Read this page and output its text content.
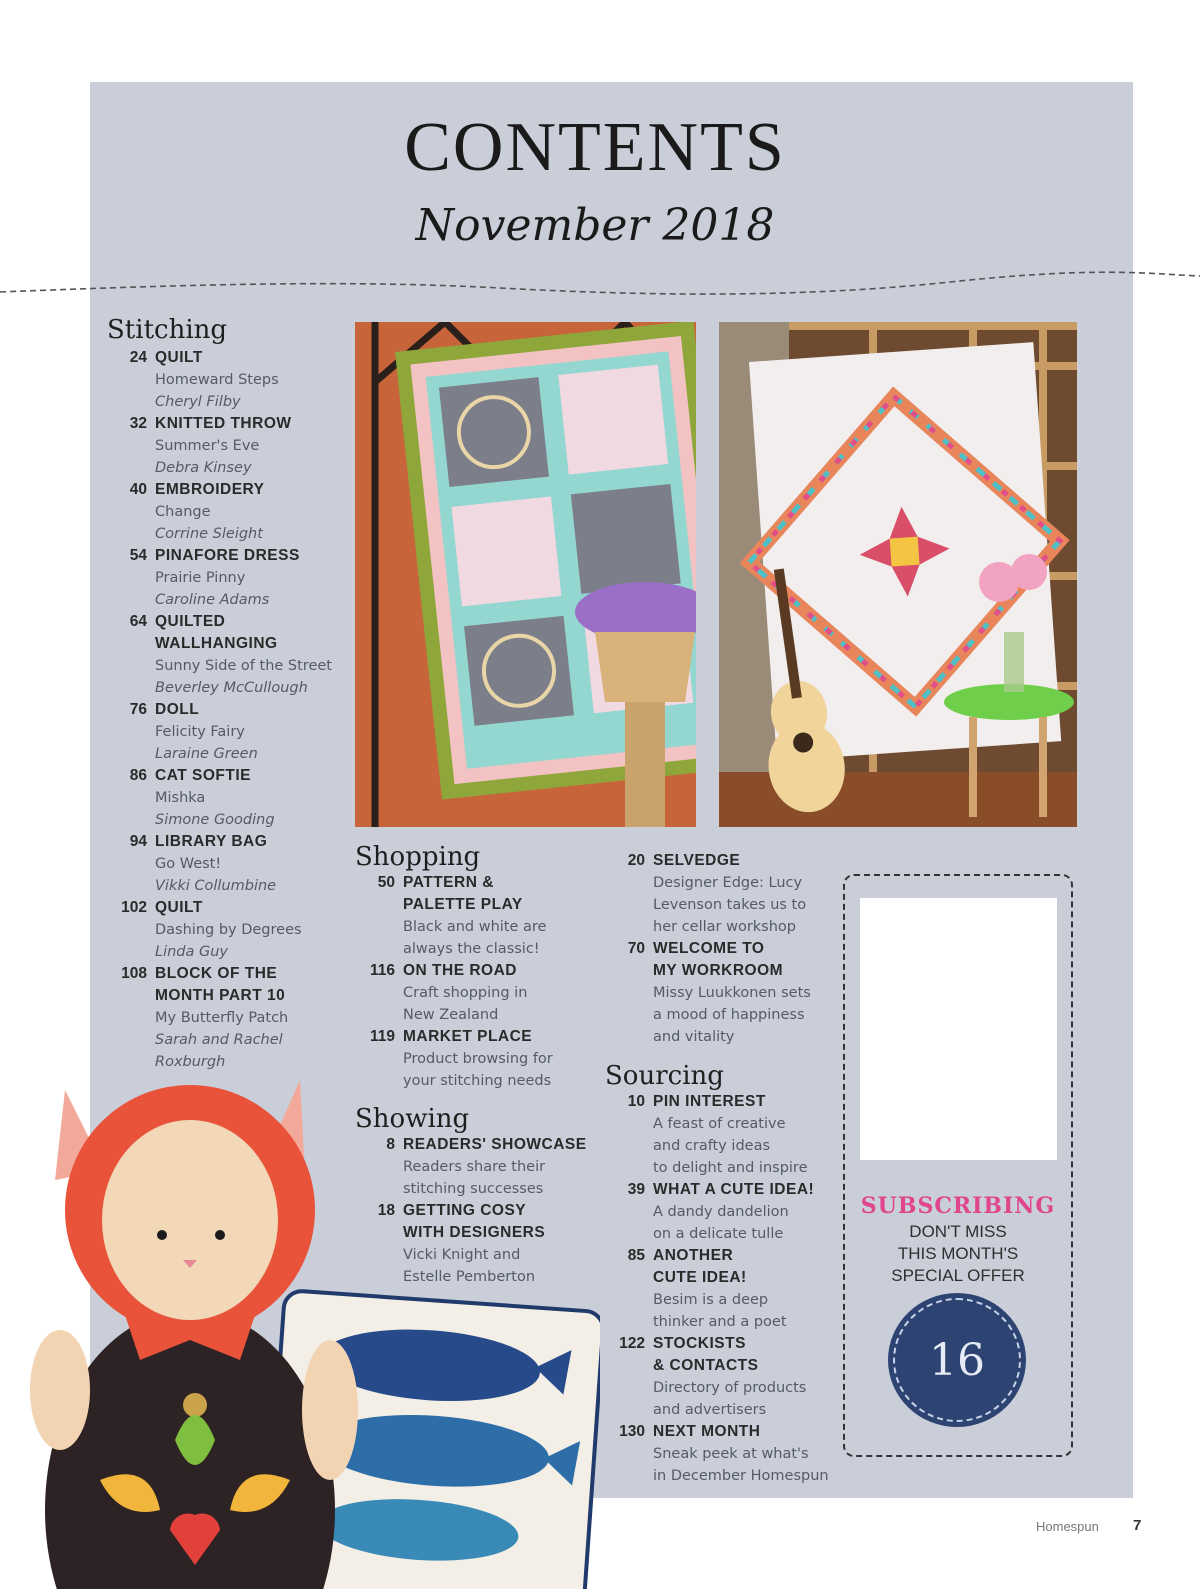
CONTENTS
November 2018
Stitching
Shopping
Showing
Sourcing
24 QUILT
Homeward Steps
Cheryl Filby
32 KNITTED THROW
Summer's Eve
Debra Kinsey
40 EMBROIDERY
Change
Corrine Sleight
54 PINAFORE DRESS
Prairie Pinny
Caroline Adams
64 QUILTED
WALLHANGING
Sunny Side of the Street
Beverley McCullough
76 DOLL
Felicity Fairy
Laraine Green
86 CAT SOFTIE
Mishka
Simone Gooding
94 LIBRARY BAG
Go West!
Vikki Collumbine
102 QUILT
Dashing by Degrees
Linda Guy
108 BLOCK OF THE
MONTH PART 10
My Butterfly Patch
Sarah and Rachel
Roxburgh
50 PATTERN &
PALETTE PLAY
Black and white are
always the classic!
116 ON THE ROAD
Craft shopping in
New Zealand
119 MARKET PLACE
Product browsing for
your stitching needs
8 READERS' SHOWCASE
Readers share their
stitching successes
18 GETTING COSY
WITH DESIGNERS
Vicki Knight and
Estelle Pemberton
20 SELVEDGE
Designer Edge: Lucy
Levenson takes us to
her cellar workshop
70 WELCOME TO
MY WORKROOM
Missy Luukkonen sets
a mood of happiness
and vitality
10 PIN INTEREST
A feast of creative
and crafty ideas
to delight and inspire
39 WHAT A CUTE IDEA!
A dandy dandelion
on a delicate tulle
85 ANOTHER
CUTE IDEA!
Besim is a deep
thinker and a poet
122 STOCKISTS
& CONTACTS
Directory of products
and advertisers
130 NEXT MONTH
Sneak peek at what's
in December Homespun
SUBSCRIBING
DON'T MISS
THIS MONTH'S
SPECIAL OFFER
16
Homespun 7
